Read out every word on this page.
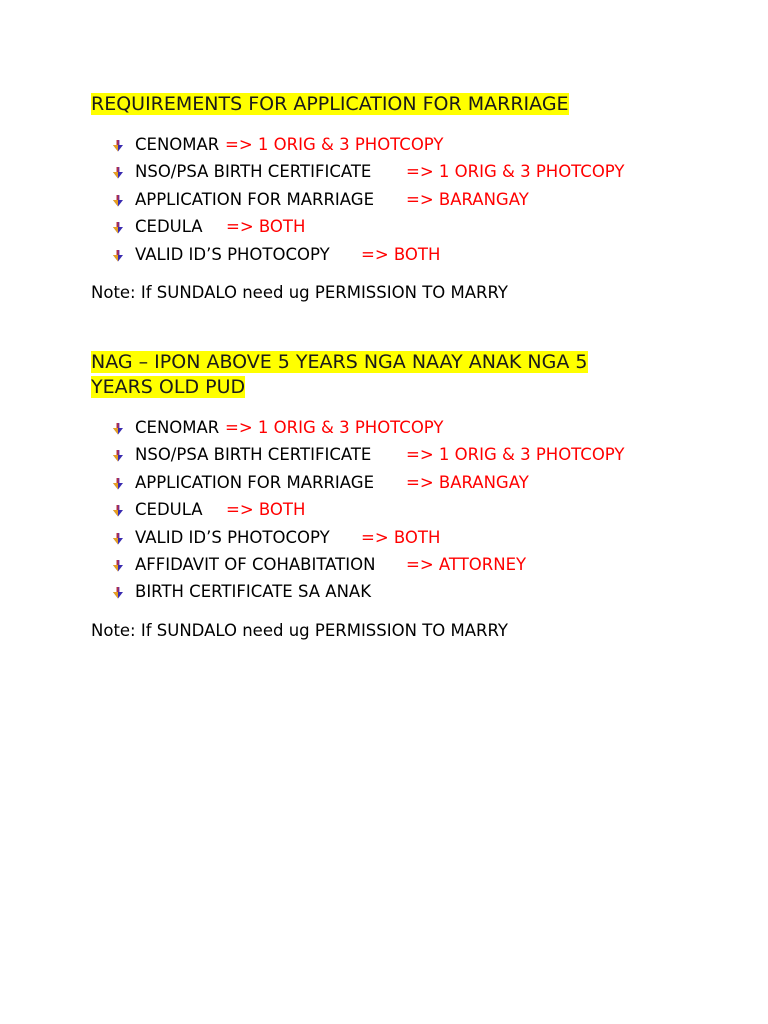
REQUIREMENTS FOR APPLICATION FOR MARRIAGE

CENOMAR => 1 ORIG & 3 PHOTCOPY
NSO/PSA BIRTH CERTIFICATE => 1 ORIG & 3 PHOTCOPY
APPLICATION FOR MARRIAGE => BARANGAY
CEDULA => BOTH
VALID ID’S PHOTOCOPY => BOTH

Note: If SUNDALO need ug PERMISSION TO MARRY

NAG – IPON ABOVE 5 YEARS NGA NAAY ANAK NGA 5 YEARS OLD PUD

CENOMAR => 1 ORIG & 3 PHOTCOPY
NSO/PSA BIRTH CERTIFICATE => 1 ORIG & 3 PHOTCOPY
APPLICATION FOR MARRIAGE => BARANGAY
CEDULA => BOTH
VALID ID’S PHOTOCOPY => BOTH
AFFIDAVIT OF COHABITATION => ATTORNEY
BIRTH CERTIFICATE SA ANAK

Note: If SUNDALO need ug PERMISSION TO MARRY
